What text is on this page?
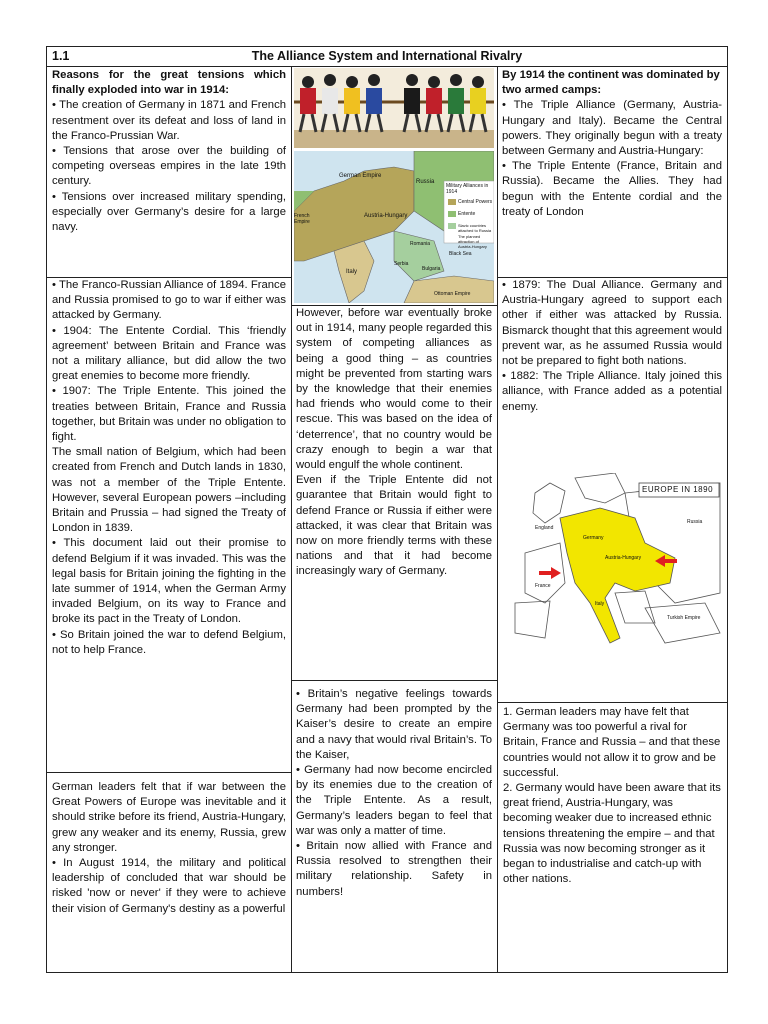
1.1	The Alliance System and International Rivalry

Reasons for the great tensions which finally exploded into war in 1914:

• The creation of Germany in 1871 and French resentment over its defeat and loss of land in the Franco-Prussian War.

• Tensions that arose over the building of competing overseas empires in the late 19th century.

• Tensions over increased military spending, especially over Germany’s desire for a large navy.

• The Franco-Russian Alliance of 1894. France and Russia promised to go to war if either was attacked by Germany.

• 1904: The Entente Cordial. This ‘friendly agreement’ between Britain and France was not a military alliance, but did allow the two great enemies to become more friendly.

• 1907: The Triple Entente. This joined the treaties between Britain, France and Russia together, but Britain was under no obligation to fight.

The small nation of Belgium, which had been created from French and Dutch lands in 1830, was not a member of the Triple Entente. However, several European powers –including Britain and Prussia – had signed the Treaty of London in 1839.

• This document laid out their promise to defend Belgium if it was invaded. This was the legal basis for Britain joining the fighting in the late summer of 1914, when the German Army invaded Belgium, on its way to France and broke its pact in the Treaty of London.

• So Britain joined the war to defend Belgium, not to help France.

German leaders felt that if war between the Great Powers of Europe was inevitable and it should strike before its friend, Austria-Hungary, grew any weaker and its enemy, Russia, grew any stronger.

• In August 1914, the military and political leadership of concluded that war should be risked 'now or never' if they were to achieve their vision of Germany's destiny as a powerful

Military Alliances in 1914
Central Powers
Entente
Slavic countries attached to Russia
The planned attraction of Austria-Hungary
German Empire
Russia
Austria-Hungary
French Empire
Italy
Romania
Serbia
Bulgaria
Black Sea
Ottoman Empire

However, before war eventually broke out in 1914, many people regarded this system of competing alliances as being a good thing – as countries might be prevented from starting wars by the knowledge that their enemies had friends who would come to their rescue. This was based on the idea of ‘deterrence’, that no country would be crazy enough to begin a war that would engulf the whole continent.

Even if the Triple Entente did not guarantee that Britain would fight to defend France or Russia if either were attacked, it was clear that Britain was now on more friendly terms with these nations and that it had become increasingly wary of Germany.

• Britain’s negative feelings towards Germany had been prompted by the Kaiser’s desire to create an empire and a navy that would rival Britain’s. To the Kaiser,

• Germany had now become encircled by its enemies due to the creation of the Triple Entente. As a result, Germany’s leaders began to feel that war was only a matter of time.

• Britain now allied with France and Russia resolved to strengthen their military relationship. Safety in numbers!

By 1914 the continent was dominated by two armed camps:

• The Triple Alliance (Germany, Austria-Hungary and Italy). Became the Central powers. They originally begun with a treaty between Germany and Austria-Hungary:

• The Triple Entente (France, Britain and Russia). Became the Allies. They had begun with the Entente cordial and the treaty of London

• 1879: The Dual Alliance. Germany and Austria-Hungary agreed to support each other if either was attacked by Russia. Bismarck thought that this agreement would prevent war, as he assumed Russia would not be prepared to fight both nations.

• 1882: The Triple Alliance. Italy joined this alliance, with France added as a potential enemy.

EUROPE IN 1890
Russia
Germany
Austria-Hungary
France
Italy
England
Turkish Empire

1. German leaders may have felt that Germany was too powerful a rival for Britain, France and Russia – and that these countries would not allow it to grow and be successful.

2. Germany would have been aware that its great friend, Austria-Hungary, was becoming weaker due to increased ethnic tensions threatening the empire – and that Russia was now becoming stronger as it began to industrialise and catch-up with other nations.
